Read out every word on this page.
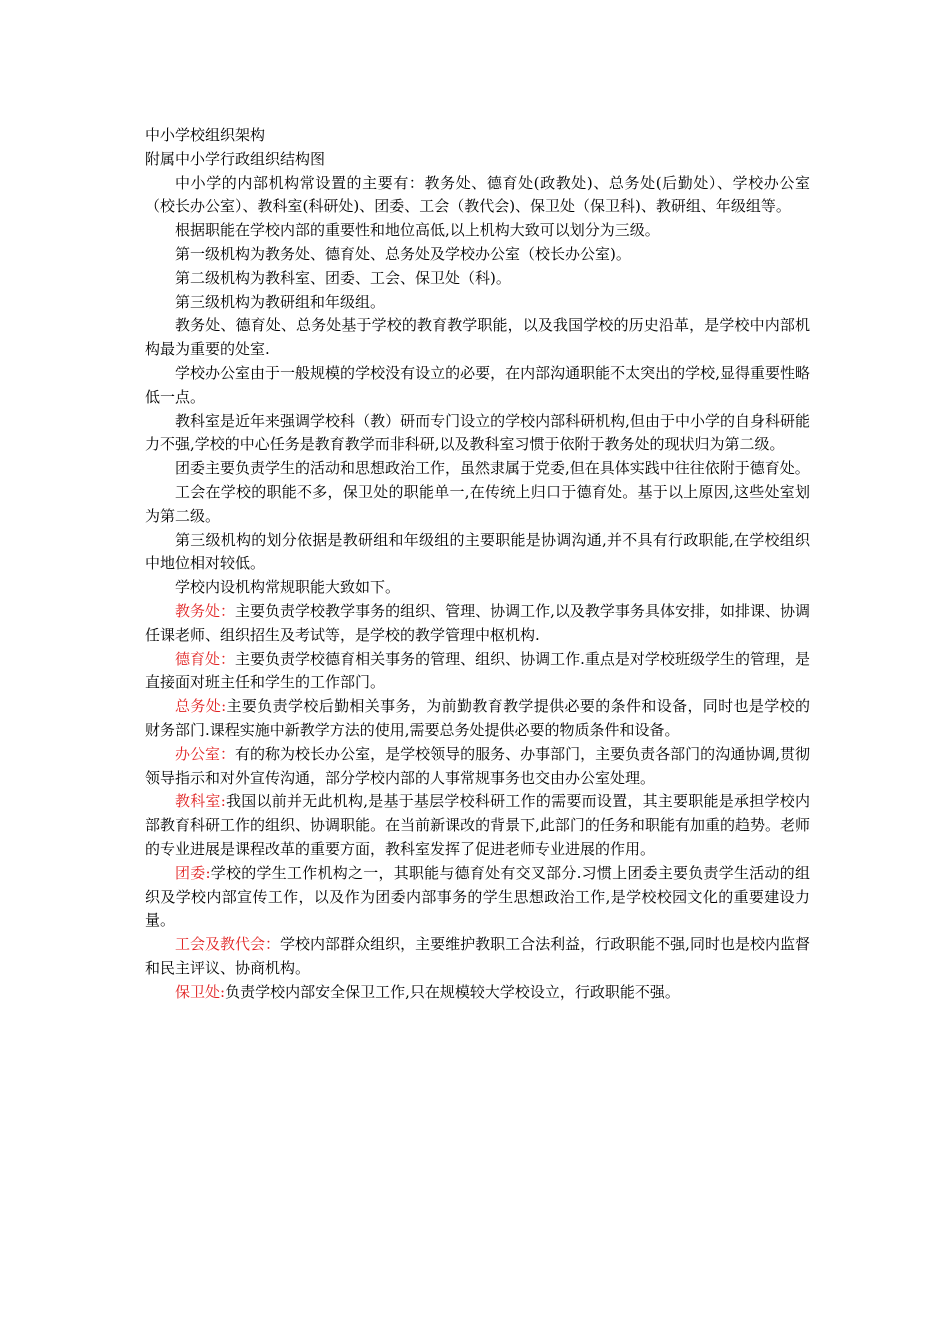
中小学校组织架构

附属中小学行政组织结构图

中小学的内部机构常设置的主要有：教务处、德育处(政教处)、总务处(后勤处）、学校办公室（校长办公室）、教科室(科研处)、团委、工会（教代会)、保卫处（保卫科)、教研组、年级组等。

根据职能在学校内部的重要性和地位高低,以上机构大致可以划分为三级。

第一级机构为教务处、德育处、总务处及学校办公室（校长办公室)。

第二级机构为教科室、团委、工会、保卫处（科)。

第三级机构为教研组和年级组。

教务处、德育处、总务处基于学校的教育教学职能，以及我国学校的历史沿革，是学校中内部机构最为重要的处室.

学校办公室由于一般规模的学校没有设立的必要，在内部沟通职能不太突出的学校,显得重要性略低一点。

教科室是近年来强调学校科（教）研而专门设立的学校内部科研机构,但由于中小学的自身科研能力不强,学校的中心任务是教育教学而非科研,以及教科室习惯于依附于教务处的现状归为第二级。

团委主要负责学生的活动和思想政治工作，虽然隶属于党委,但在具体实践中往往依附于德育处。

工会在学校的职能不多，保卫处的职能单一,在传统上归口于德育处。基于以上原因,这些处室划为第二级。

第三级机构的划分依据是教研组和年级组的主要职能是协调沟通,并不具有行政职能,在学校组织中地位相对较低。

学校内设机构常规职能大致如下。

教务处：主要负责学校教学事务的组织、管理、协调工作,以及教学事务具体安排，如排课、协调任课老师、组织招生及考试等，是学校的教学管理中枢机构.

德育处：主要负责学校德育相关事务的管理、组织、协调工作.重点是对学校班级学生的管理，是直接面对班主任和学生的工作部门。

总务处:主要负责学校后勤相关事务，为前勤教育教学提供必要的条件和设备，同时也是学校的财务部门.课程实施中新教学方法的使用,需要总务处提供必要的物质条件和设备。

办公室：有的称为校长办公室，是学校领导的服务、办事部门，主要负责各部门的沟通协调,贯彻领导指示和对外宣传沟通，部分学校内部的人事常规事务也交由办公室处理。

教科室:我国以前并无此机构,是基于基层学校科研工作的需要而设置，其主要职能是承担学校内部教育科研工作的组织、协调职能。在当前新课改的背景下,此部门的任务和职能有加重的趋势。老师的专业进展是课程改革的重要方面，教科室发挥了促进老师专业进展的作用。

团委:学校的学生工作机构之一，其职能与德育处有交叉部分.习惯上团委主要负责学生活动的组织及学校内部宣传工作，以及作为团委内部事务的学生思想政治工作,是学校校园文化的重要建设力量。

工会及教代会：学校内部群众组织，主要维护教职工合法利益，行政职能不强,同时也是校内监督和民主评议、协商机构。

保卫处:负责学校内部安全保卫工作,只在规模较大学校设立，行政职能不强。
